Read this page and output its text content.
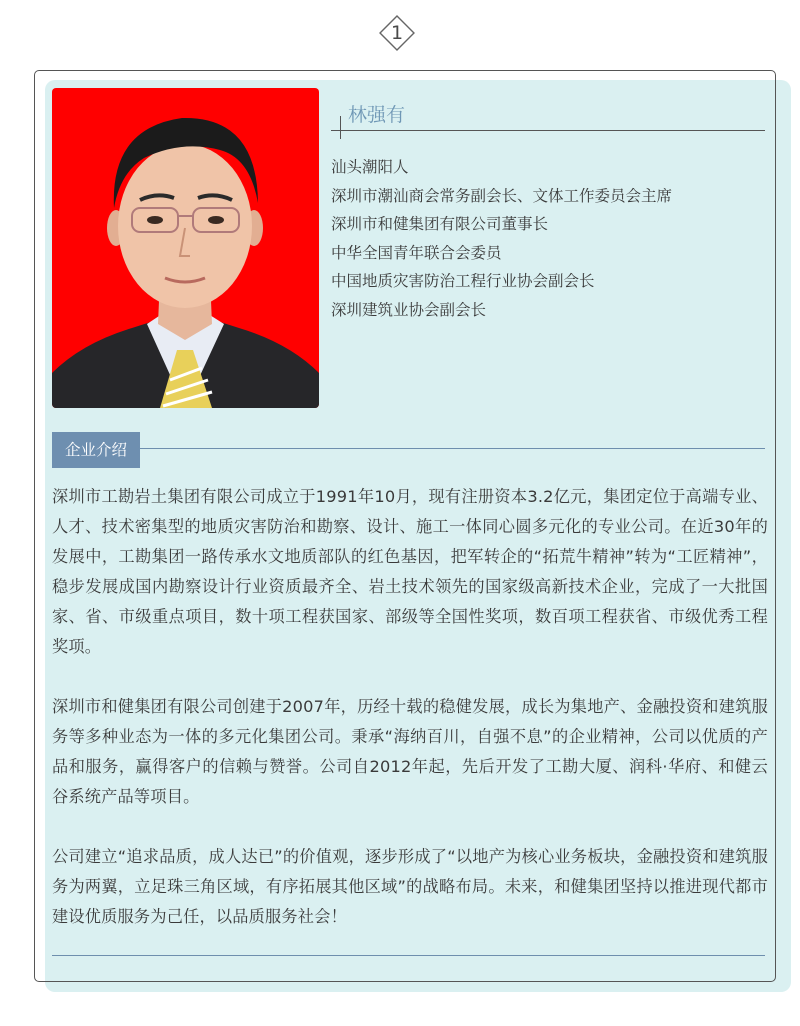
1
林强有
汕头潮阳人
深圳市潮汕商会常务副会长、文体工作委员会主席
深圳市和健集团有限公司董事长
中华全国青年联合会委员
中国地质灾害防治工程行业协会副会长
深圳建筑业协会副会长
企业介绍

深圳市工勘岩土集团有限公司成立于1991年10月，现有注册资本3.2亿元，集团定位于高端专业、人才、技术密集型的地质灾害防治和勘察、设计、施工一体同心圆多元化的专业公司。在近30年的发展中，工勘集团一路传承水文地质部队的红色基因，把军转企的“拓荒牛精神”转为“工匠精神”，稳步发展成国内勘察设计行业资质最齐全、岩土技术领先的国家级高新技术企业，完成了一大批国家、省、市级重点项目，数十项工程获国家、部级等全国性奖项，数百项工程获省、市级优秀工程奖项。

深圳市和健集团有限公司创建于2007年，历经十载的稳健发展，成长为集地产、金融投资和建筑服务等多种业态为一体的多元化集团公司。秉承“海纳百川，自强不息”的企业精神，公司以优质的产品和服务，赢得客户的信赖与赞誉。公司自2012年起，先后开发了工勘大厦、润科·华府、和健云谷系统产品等项目。

公司建立“追求品质，成人达已”的价值观，逐步形成了“以地产为核心业务板块，金融投资和建筑服务为两翼，立足珠三角区域，有序拓展其他区域”的战略布局。未来，和健集团坚持以推进现代都市建设优质服务为己任，以品质服务社会！
